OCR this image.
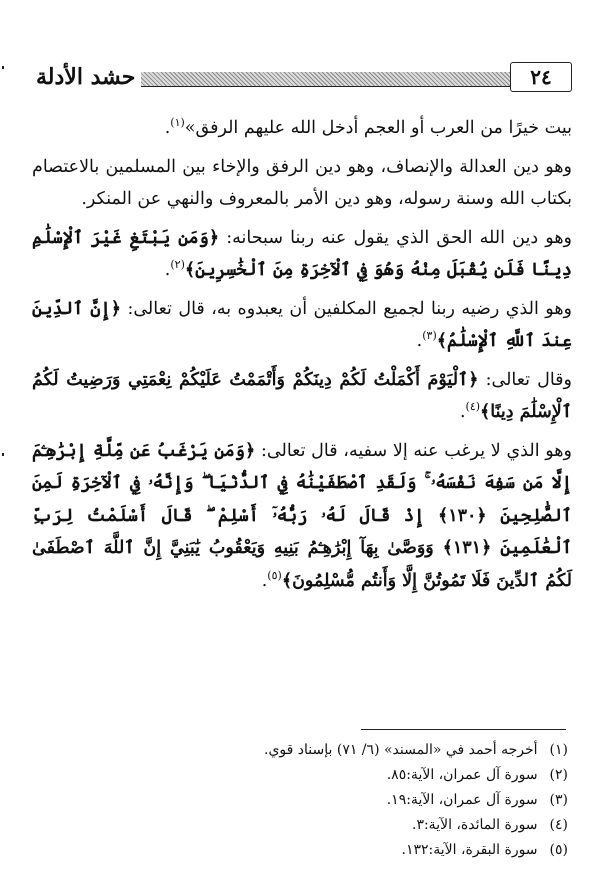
حشد الأدلة	٢٤

بيت خيرًا من العرب أو العجم أدخل الله عليهم الرفق»$^{(١)}$.

وهو دين العدالة والإنصاف، وهو دين الرفق والإخاء بين المسلمين بالاعتصام بكتاب الله وسنة رسوله، وهو دين الأمر بالمعروف والنهي عن المنكر.

وهو دين الله الحق الذي يقول عنه ربنا سبحانه: ﴿وَمَن يَبْتَغِ غَيْرَ ٱلْإِسْلَٰمِ دِينًا فَلَن يُقْبَلَ مِنْهُ وَهُوَ فِي ٱلْآخِرَةِ مِنَ ٱلْخَٰسِرِينَ﴾$^{(٢)}$.

وهو الذي رضيه ربنا لجميع المكلفين أن يعبدوه به، قال تعالى: ﴿إِنَّ ٱلدِّينَ عِندَ ٱللَّهِ ٱلْإِسْلَٰمُ﴾$^{(٣)}$.

وقال تعالى: ﴿ٱلْيَوْمَ أَكْمَلْتُ لَكُمْ دِينَكُمْ وَأَتْمَمْتُ عَلَيْكُمْ نِعْمَتِي وَرَضِيتُ لَكُمُ ٱلْإِسْلَٰمَ دِينًا﴾$^{(٤)}$.

وهو الذي لا يرغب عنه إلا سفيه، قال تعالى: ﴿وَمَن يَرْغَبُ عَن مِّلَّةِ إِبْرَٰهِـۧمَ إِلَّا مَن سَفِهَ نَفْسَهُۥ ۚ وَلَقَدِ ٱصْطَفَيْنَٰهُ فِي ٱلدُّنْيَا ۖ وَإِنَّهُۥ فِي ٱلْآخِرَةِ لَمِنَ ٱلصَّٰلِحِينَ ﴿١٣٠﴾ إِذْ قَالَ لَهُۥ رَبُّهُۥٓ أَسْلِمْ ۖ قَالَ أَسْلَمْتُ لِرَبِّ ٱلْعَٰلَمِينَ ﴿١٣١﴾ وَوَصَّىٰ بِهَآ إِبْرَٰهِـۧمُ بَنِيهِ وَيَعْقُوبُ يَٰبَنِيَّ إِنَّ ٱللَّهَ ٱصْطَفَىٰ لَكُمُ ٱلدِّينَ فَلَا تَمُوتُنَّ إِلَّا وَأَنتُم مُّسْلِمُونَ﴾$^{(٥)}$.

(١) أخرجه أحمد في «المسند» (٦/ ٧١) بإسناد قوي.

(٢) سورة آل عمران، الآية:٨٥.

(٣) سورة آل عمران، الآية:١٩.

(٤) سورة المائدة، الآية:٣.

(٥) سورة البقرة، الآية:١٣٢.
